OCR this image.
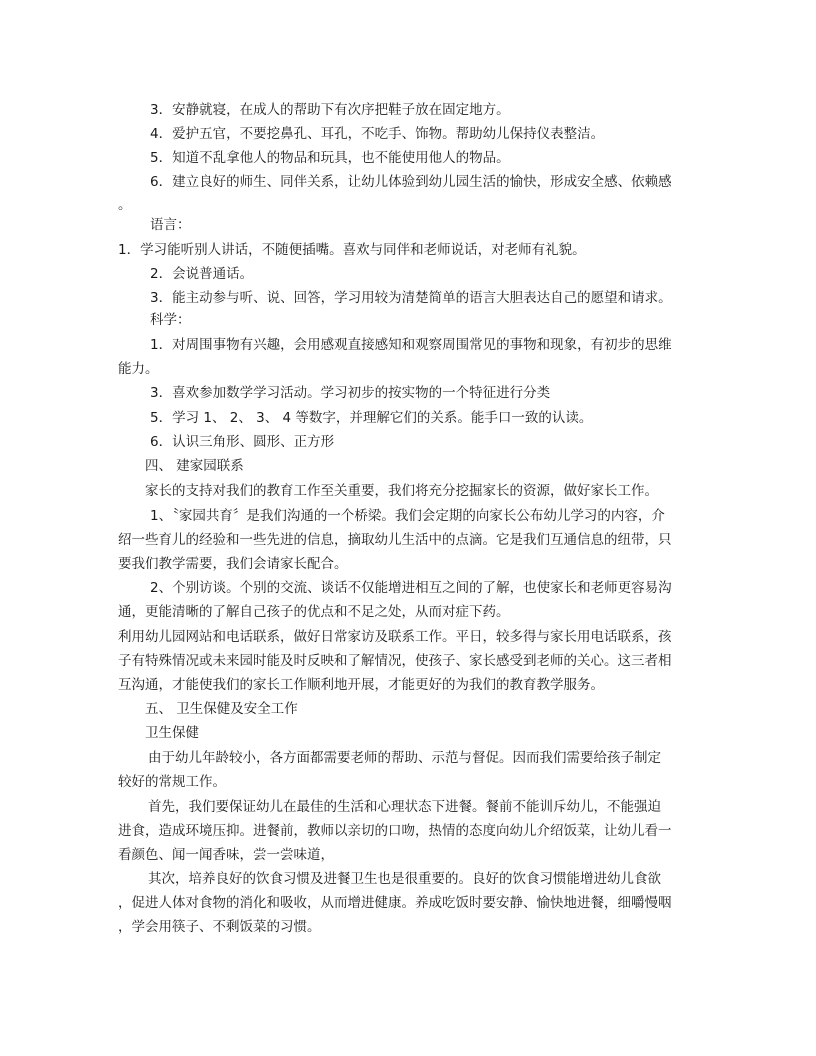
3．安静就寝，在成人的帮助下有次序把鞋子放在固定地方。
4．爱护五官，不要挖鼻孔、耳孔，不吃手、饰物。帮助幼儿保持仪表整洁。
5．知道不乱拿他人的物品和玩具，也不能使用他人的物品。
6．建立良好的师生、同伴关系，让幼儿体验到幼儿园生活的愉快，形成安全感、依赖感
。
语言：
1．学习能听别人讲话，不随便插嘴。喜欢与同伴和老师说话，对老师有礼貌。
2．会说普通话。
3．能主动参与听、说、回答，学习用较为清楚简单的语言大胆表达自己的愿望和请求。
科学：
1．对周围事物有兴趣，会用感观直接感知和观察周围常见的事物和现象，有初步的思维
能力。
3．喜欢参加数学学习活动。学习初步的按实物的一个特征进行分类
5．学习 1、 2、 3、 4 等数字，并理解它们的关系。能手口一致的认读。
6．认识三角形、圆形、正方形
四、 建家园联系
家长的支持对我们的教育工作至关重要，我们将充分挖掘家长的资源，做好家长工作。
1、〝家园共育〞是我们沟通的一个桥梁。我们会定期的向家长公布幼儿学习的内容，介
绍一些育儿的经验和一些先进的信息，摘取幼儿生活中的点滴。它是我们互通信息的纽带，只
要我们教学需要，我们会请家长配合。
2、个别访谈。个别的交流、谈话不仅能增进相互之间的了解，也使家长和老师更容易沟
通，更能清晰的了解自己孩子的优点和不足之处，从而对症下药。
利用幼儿园网站和电话联系，做好日常家访及联系工作。平日，较多得与家长用电话联系，孩
子有特殊情况或未来园时能及时反映和了解情况，使孩子、家长感受到老师的关心。这三者相
互沟通，才能使我们的家长工作顺利地开展，才能更好的为我们的教育教学服务。
五、 卫生保健及安全工作
卫生保健
由于幼儿年龄较小，各方面都需要老师的帮助、示范与督促。因而我们需要给孩子制定
较好的常规工作。
首先，我们要保证幼儿在最佳的生活和心理状态下进餐。餐前不能训斥幼儿，不能强迫
进食，造成环境压抑。进餐前，教师以亲切的口吻，热情的态度向幼儿介绍饭菜，让幼儿看一
看颜色、闻一闻香味，尝一尝味道，
其次，培养良好的饮食习惯及进餐卫生也是很重要的。良好的饮食习惯能增进幼儿食欲
，促进人体对食物的消化和吸收，从而增进健康。养成吃饭时要安静、愉快地进餐，细嚼慢咽
，学会用筷子、不剩饭菜的习惯。
